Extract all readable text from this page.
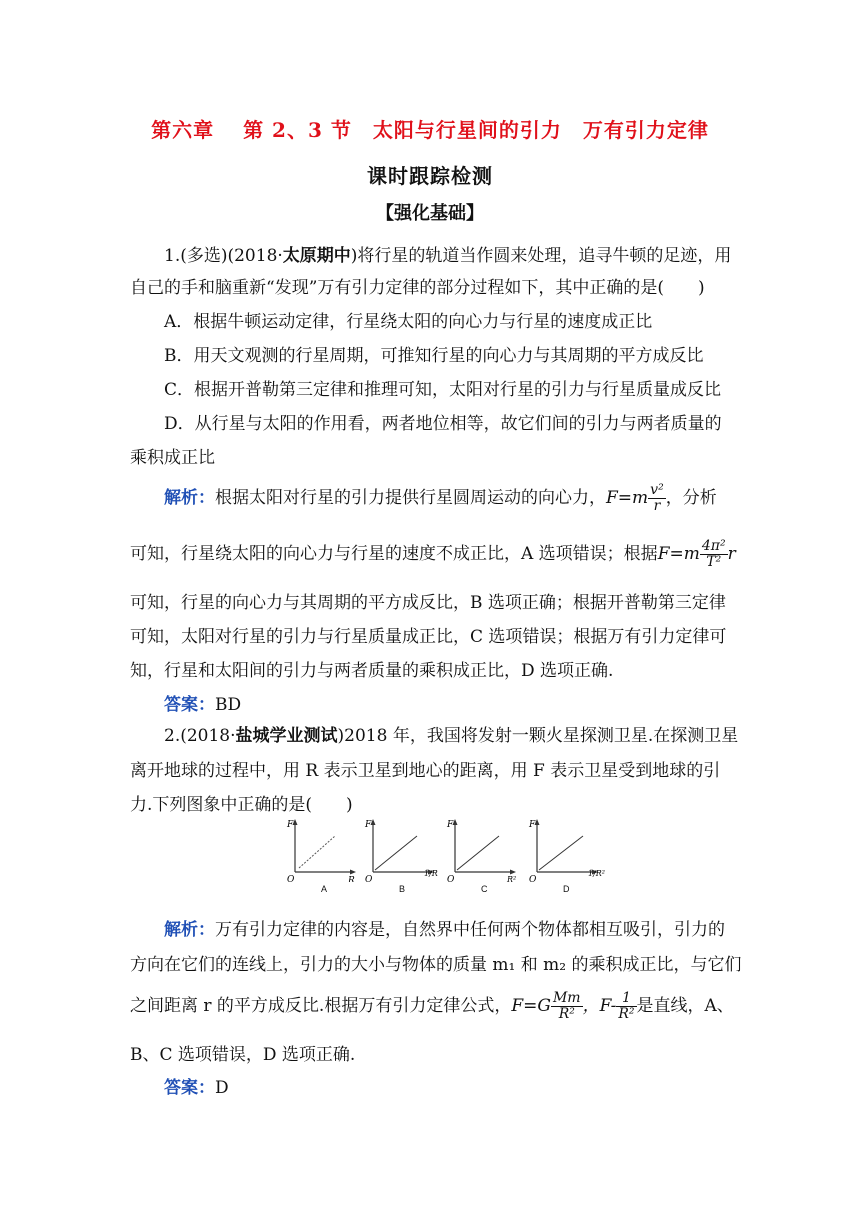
第六章　 第 2、3 节　太阳与行星间的引力　万有引力定律
课时跟踪检测
【强化基础】
1.(多选)(2018·太原期中)将行星的轨道当作圆来处理，追寻牛顿的足迹，用
自己的手和脑重新“发现”万有引力定律的部分过程如下，其中正确的是(　　)
A．根据牛顿运动定律，行星绕太阳的向心力与行星的速度成正比
B．用天文观测的行星周期，可推知行星的向心力与其周期的平方成反比
C．根据开普勒第三定律和推理可知，太阳对行星的引力与行星质量成反比
D．从行星与太阳的作用看，两者地位相等，故它们间的引力与两者质量的
乘积成正比
解析：根据太阳对行星的引力提供行星圆周运动的向心力，$F=m \frac{\text{v²}}{r}$ ，分析
可知，行星绕太阳的向心力与行星的速度不成正比，A 选项错误；根据$F=m \frac{\text{4π²}}{\text{T²}}$ r
可知，行星的向心力与其周期的平方成反比，B 选项正确；根据开普勒第三定律
可知，太阳对行星的引力与行星质量成正比，C 选项错误；根据万有引力定律可
知，行星和太阳间的引力与两者质量的乘积成正比，D 选项正确.
答案：BD
2.(2018·盐城学业测试)2018 年，我国将发射一颗火星探测卫星.在探测卫星
离开地球的过程中，用 R 表示卫星到地心的距离，用 F 表示卫星受到地球的引
力.下列图象中正确的是(　　)
F
O	R
F
O
1/R
F
O	R²
F
O
1/R²
A	B	C	D
解析：万有引力定律的内容是，自然界中任何两个物体都相互吸引，引力的
方向在它们的连线上，引力的大小与物体的质量 m₁ 和 m₂ 的乘积成正比，与它们
之间距离 r 的平方成反比.根据万有引力定律公式，$F=G \frac{Mm}{\text{R²}}$ ，$F- \frac{1}{\text{R²}}$ 是直线，A、
B、C 选项错误，D 选项正确.
答案：D
